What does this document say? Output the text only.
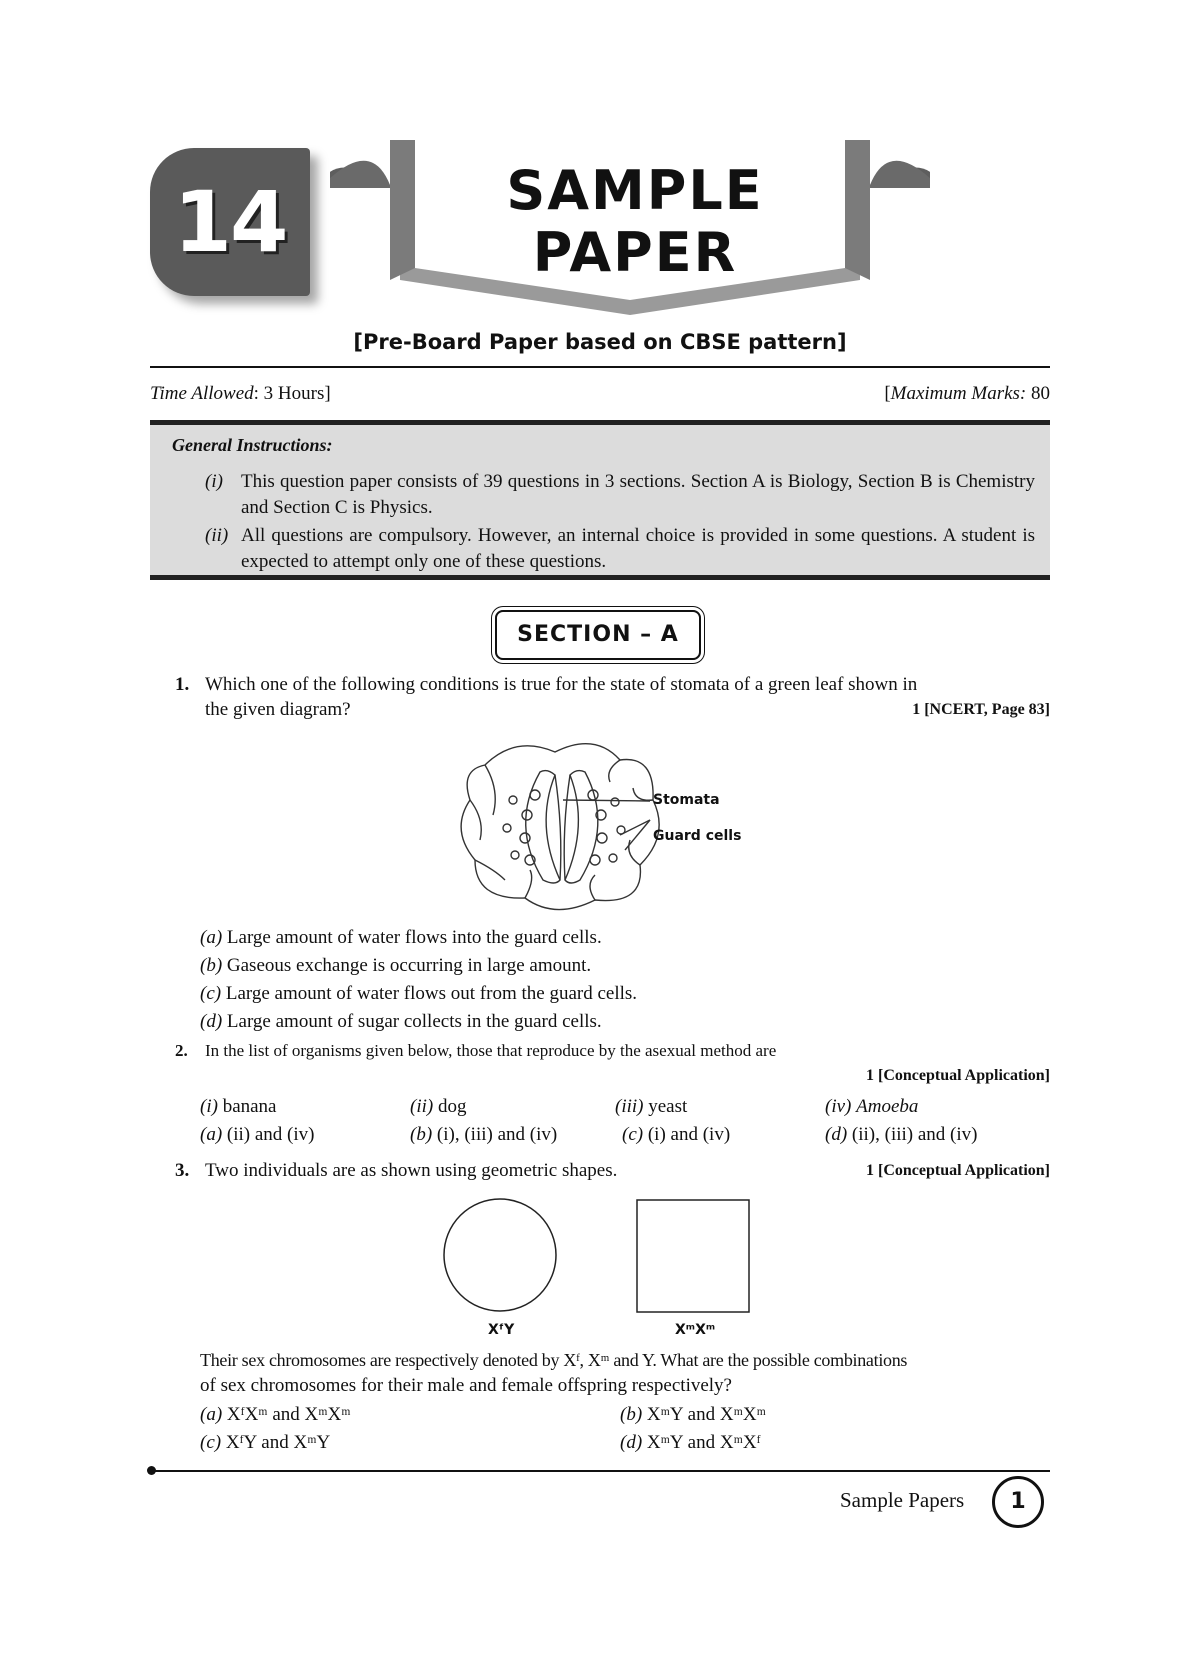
14	SAMPLE
PAPER
[Pre-Board Paper based on CBSE pattern]
Time Allowed: 3 Hours]	[Maximum Marks: 80
General Instructions:
(i) This question paper consists of 39 questions in 3 sections. Section A is Biology, Section B is Chemistry and Section C is Physics.
(ii) All questions are compulsory. However, an internal choice is provided in some questions. A student is expected to attempt only one of these questions.
SECTION – A
1. Which one of the following conditions is true for the state of stomata of a green leaf shown in
the given diagram?	1 [NCERT, Page 83]
Stomata
Guard cells
(a) Large amount of water flows into the guard cells.
(b) Gaseous exchange is occurring in large amount.
(c) Large amount of water flows out from the guard cells.
(d) Large amount of sugar collects in the guard cells.
2. In the list of organisms given below, those that reproduce by the asexual method are
1 [Conceptual Application]
(i) banana	(ii) dog	(iii) yeast	(iv) Amoeba
(a) (ii) and (iv)	(b) (i), (iii) and (iv)	(c) (i) and (iv)	(d) (ii), (iii) and (iv)
3. Two individuals are as shown using geometric shapes.	1 [Conceptual Application]
XᶠY	XᵐXᵐ
Their sex chromosomes are respectively denoted by Xᶠ, Xᵐ and Y. What are the possible combinations
of sex chromosomes for their male and female offspring respectively?
(a) XᶠXᵐ and XᵐXᵐ	(b) XᵐY and XᵐXᵐ
(c) XᶠY and XᵐY	(d) XᵐY and XᵐXᶠ
Sample Papers	1
